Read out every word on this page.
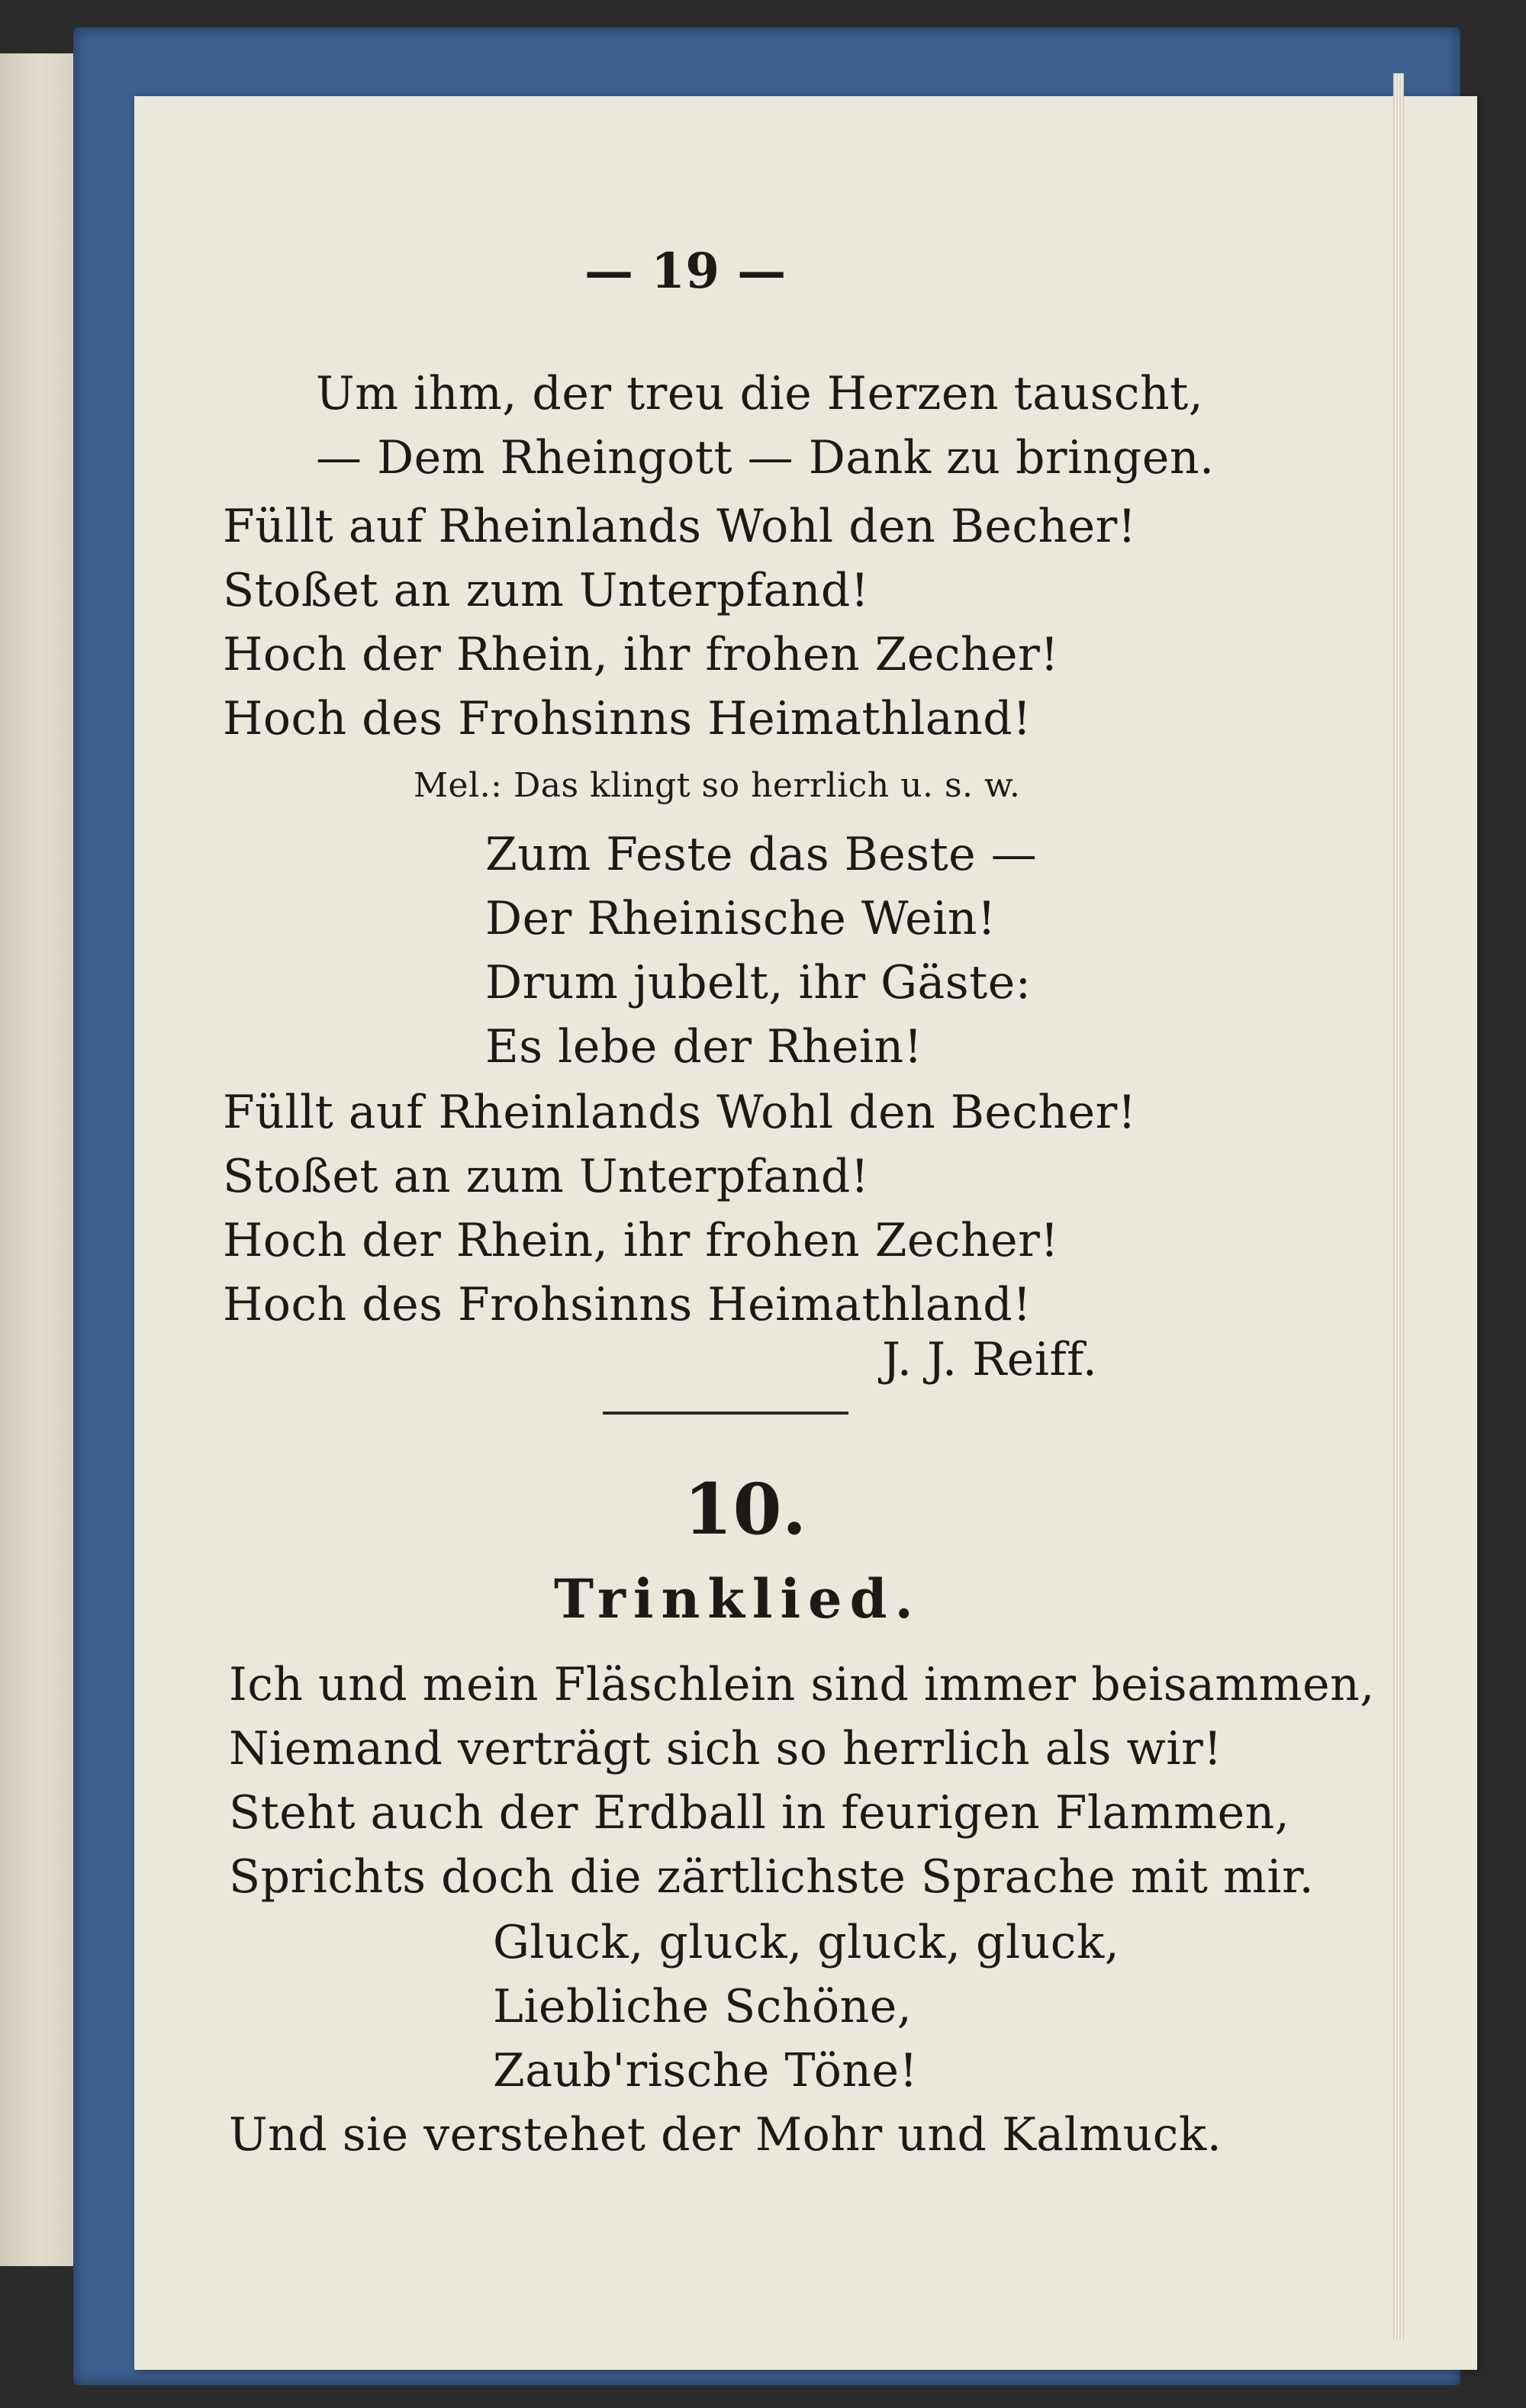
— 19 —

Um ihm, der treu die Herzen tauscht,

— Dem Rheingott — Dank zu bringen.

Füllt auf Rheinlands Wohl den Becher!

Stoßet an zum Unterpfand!

Hoch der Rhein, ihr frohen Zecher!

Hoch des Frohsinns Heimathland!

Mel.: Das klingt so herrlich u. s. w.

Zum Feste das Beste —

Der Rheinische Wein!

Drum jubelt, ihr Gäste:

Es lebe der Rhein!

Füllt auf Rheinlands Wohl den Becher!

Stoßet an zum Unterpfand!

Hoch der Rhein, ihr frohen Zecher!

Hoch des Frohsinns Heimathland!

J. J. Reiff.

10.

Trinklied.

Ich und mein Fläschlein sind immer beisammen,

Niemand verträgt sich so herrlich als wir!

Steht auch der Erdball in feurigen Flammen,

Sprichts doch die zärtlichste Sprache mit mir.

Gluck, gluck, gluck, gluck,

Liebliche Schöne,

Zaub'rische Töne!

Und sie verstehet der Mohr und Kalmuck.
